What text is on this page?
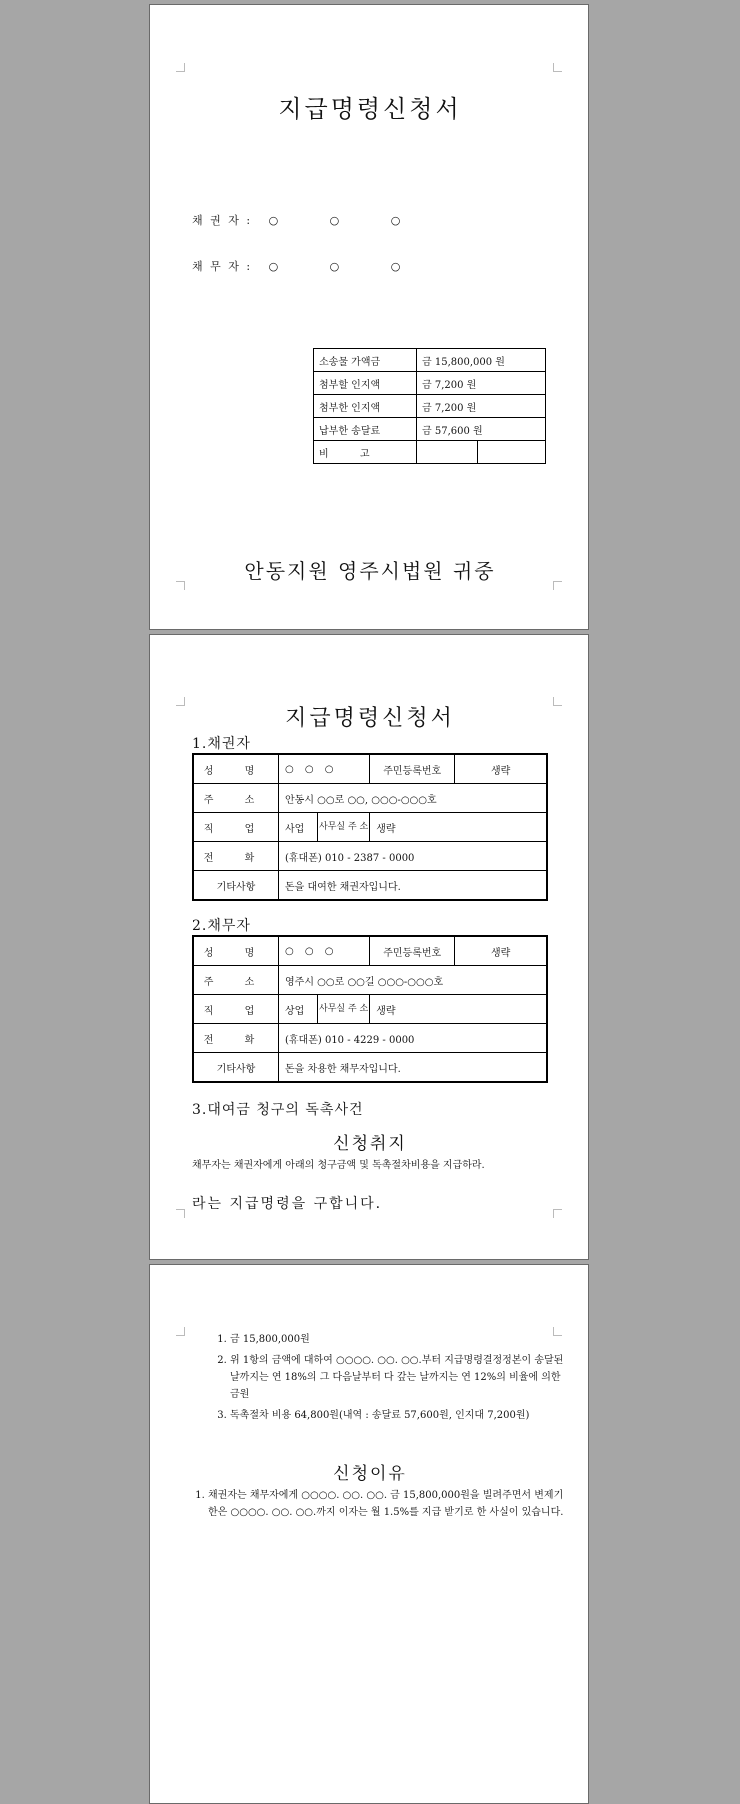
지급명령신청서
채 권 자 : ○ ○ ○
채 무 자 : ○ ○ ○
소송물 가액금	금 15,800,000 원	
첨부할 인지액	금 7,200 원	
첨부한 인지액	금 7,200 원	
납부한 송달료	금 57,600 원	
비 고		
안동지원 영주시법원 귀중
지급명령신청서
1.채권자
성 명	○ ○ ○		주민등록번호	생략
주 소	안동시 ○○로 ○○, ○○○-○○○호			
직 업	사업	사무실 주 소	생략	
전 화	(휴대폰) 010 - 2387 - 0000			
기타사항	돈을 대여한 채권자입니다.			
2.채무자
성 명	○ ○ ○		주민등록번호	생략
주 소	영주시 ○○로 ○○길 ○○○-○○○호			
직 업	상업	사무실 주 소	생략	
전 화	(휴대폰) 010 - 4229 - 0000			
기타사항	돈을 차용한 채무자입니다.			
3.대여금 청구의 독촉사건
신청취지
채무자는 채권자에게 아래의 청구금액 및 독촉절차비용을 지급하라.
라는 지급명령을 구합니다.
1. 금 15,800,000원
2. 위 1항의 금액에 대하여 ○○○○. ○○. ○○.부터 지급명령결정정본이 송달된 날까지는 연 18%의 그 다음날부터 다 갚는 날까지는 연 12%의 비율에 의한 금원
3. 독촉절차 비용 64,800원(내역 : 송달료 57,600원, 인지대 7,200원)
신청이유
1. 채권자는 채무자에게 ○○○○. ○○. ○○. 금 15,800,000원을 빌려주면서 변제기한은 ○○○○. ○○. ○○.까지 이자는 월 1.5%를 지급 받기로 한 사실이 있습니다.
